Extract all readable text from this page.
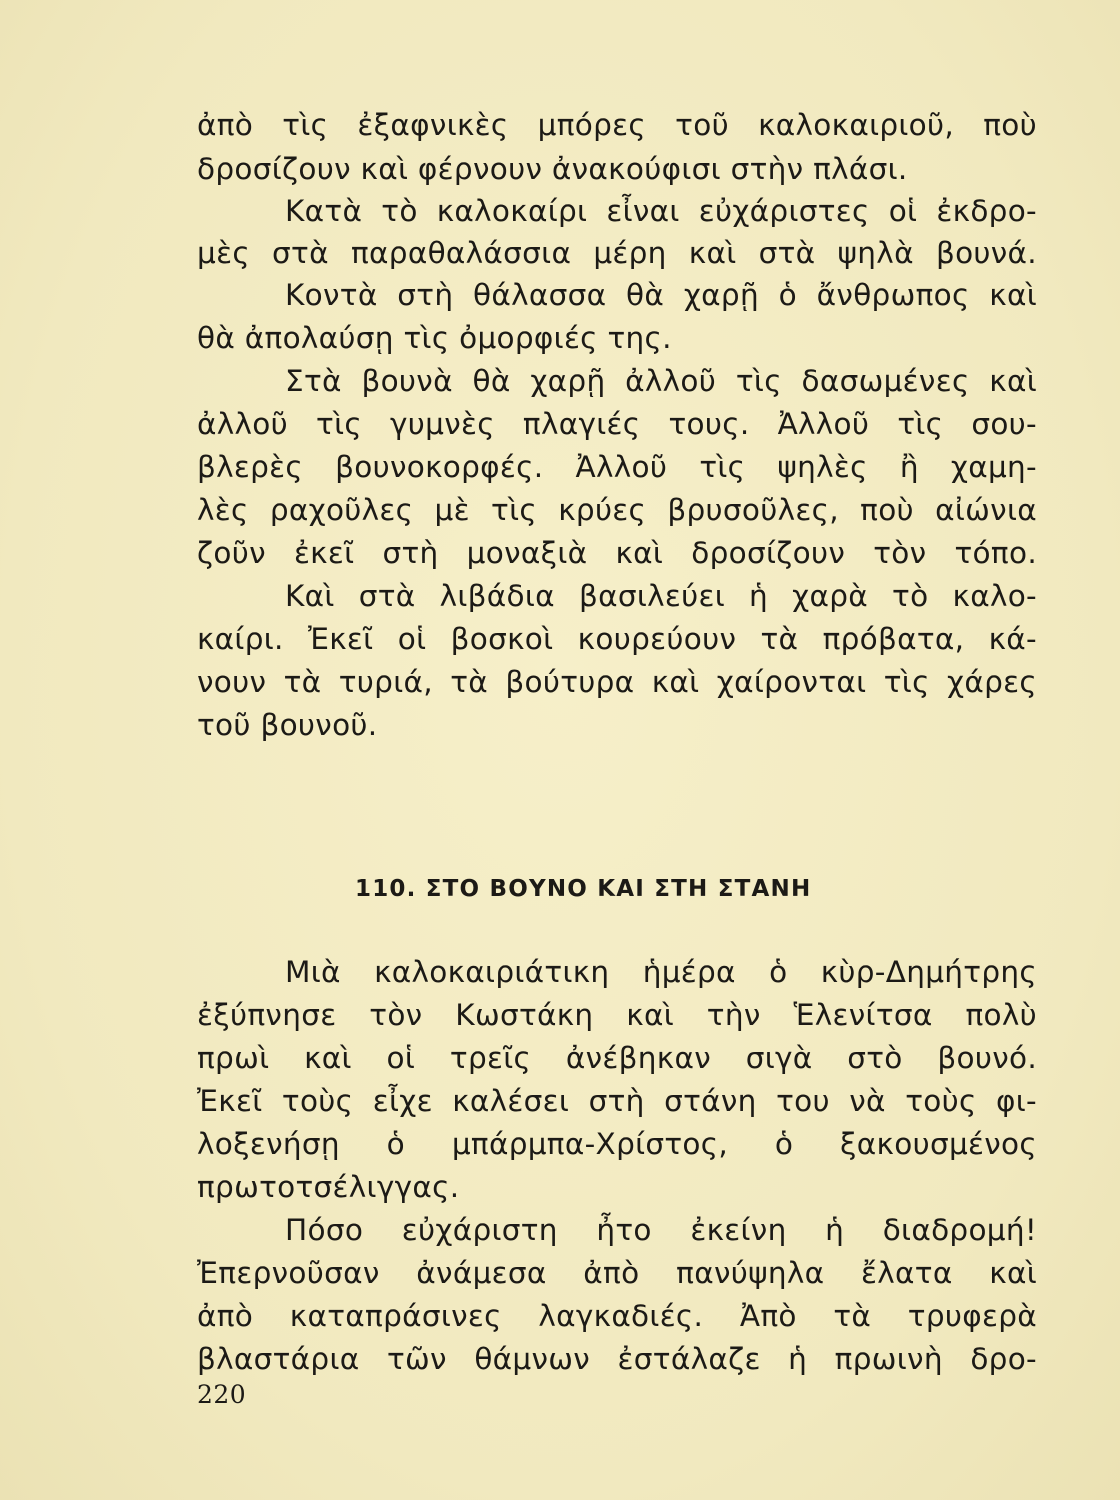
ἀπὸ τὶς ἐξαφνικὲς μπόρες τοῦ καλοκαιριοῦ, ποὺ
δροσίζουν καὶ φέρνουν ἀνακούφισι στὴν πλάσι.
Κατὰ τὸ καλοκαίρι εἶναι εὐχάριστες οἱ ἐκδρο-
μὲς στὰ παραθαλάσσια μέρη καὶ στὰ ψηλὰ βουνά.
Κοντὰ στὴ θάλασσα θὰ χαρῇ ὁ ἄνθρωπος καὶ
θὰ ἀπολαύσῃ τὶς ὀμορφιές της.
Στὰ βουνὰ θὰ χαρῇ ἀλλοῦ τὶς δασωμένες καὶ
ἀλλοῦ τὶς γυμνὲς πλαγιές τους. Ἀλλοῦ τὶς σου-
βλερὲς βουνοκορφές. Ἀλλοῦ τὶς ψηλὲς ἢ χαμη-
λὲς ραχοῦλες μὲ τὶς κρύες βρυσοῦλες, ποὺ αἰώνια
ζοῦν ἐκεῖ στὴ μοναξιὰ καὶ δροσίζουν τὸν τόπο.
Καὶ στὰ λιβάδια βασιλεύει ἡ χαρὰ τὸ καλο-
καίρι. Ἐκεῖ οἱ βοσκοὶ κουρεύουν τὰ πρόβατα, κά-
νουν τὰ τυριά, τὰ βούτυρα καὶ χαίρονται τὶς χάρες
τοῦ βουνοῦ.
110. ΣΤΟ ΒΟΥΝΟ ΚΑΙ ΣΤΗ ΣΤΑΝΗ
Μιὰ καλοκαιριάτικη ἡμέρα ὁ κὺρ-Δημήτρης
ἐξύπνησε τὸν Κωστάκη καὶ τὴν Ἑλενίτσα πολὺ
πρωὶ καὶ οἱ τρεῖς ἀνέβηκαν σιγὰ στὸ βουνό.
Ἐκεῖ τοὺς εἶχε καλέσει στὴ στάνη του νὰ τοὺς φι-
λοξενήσῃ ὁ μπάρμπα-Χρίστος, ὁ ξακουσμένος
πρωτοτσέλιγγας.
Πόσο εὐχάριστη ἦτο ἐκείνη ἡ διαδρομή!
Ἐπερνοῦσαν ἀνάμεσα ἀπὸ πανύψηλα ἔλατα καὶ
ἀπὸ καταπράσινες λαγκαδιές. Ἀπὸ τὰ τρυφερὰ
βλαστάρια τῶν θάμνων ἐστάλαζε ἡ πρωινὴ δρο-
220
